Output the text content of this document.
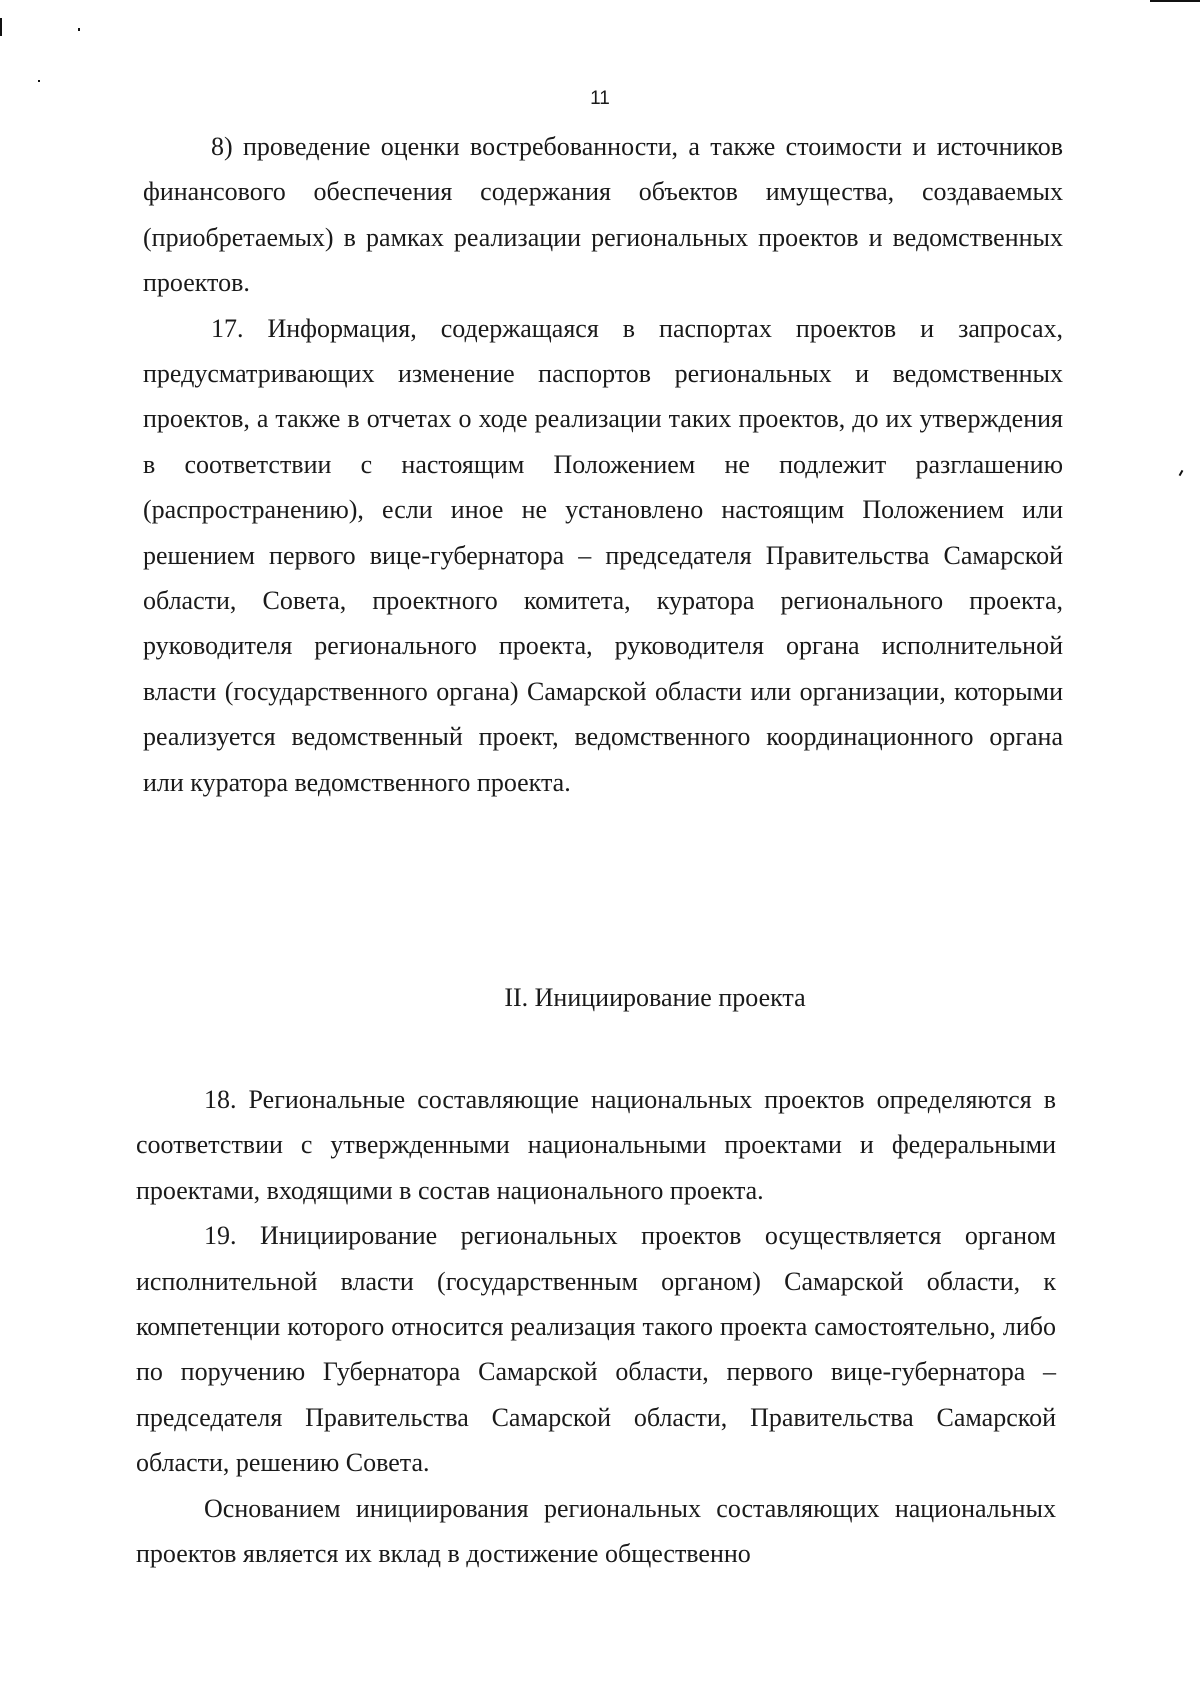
11

8) проведение оценки востребованности, а также стоимости и источников финансового обеспечения содержания объектов имущества, создаваемых (приобретаемых) в рамках реализации региональных проектов и ведомственных проектов.

17. Информация, содержащаяся в паспортах проектов и запросах, предусматривающих изменение паспортов региональных и ведомственных проектов, а также в отчетах о ходе реализации таких проектов, до их утверждения в соответствии с настоящим Положением не подлежит разглашению (распространению), если иное не установлено настоящим Положением или решением первого вице-губернатора – председателя Правительства Самарской области, Совета, проектного комитета, куратора регионального проекта, руководителя регионального проекта, руководителя органа исполнительной власти (государственного органа) Самарской области или организации, которыми реализуется ведомственный проект, ведомственного координационного органа или куратора ведомственного проекта.

II. Инициирование проекта

18. Региональные составляющие национальных проектов определяются в соответствии с утвержденными национальными проектами и федеральными проектами, входящими в состав национального проекта.

19. Инициирование региональных проектов осуществляется органом исполнительной власти (государственным органом) Самарской области, к компетенции которого относится реализация такого проекта самостоятельно, либо по поручению Губернатора Самарской области, первого вице-губернатора – председателя Правительства Самарской области, Правительства Самарской области, решению Совета.

Основанием инициирования региональных составляющих национальных проектов является их вклад в достижение общественно
